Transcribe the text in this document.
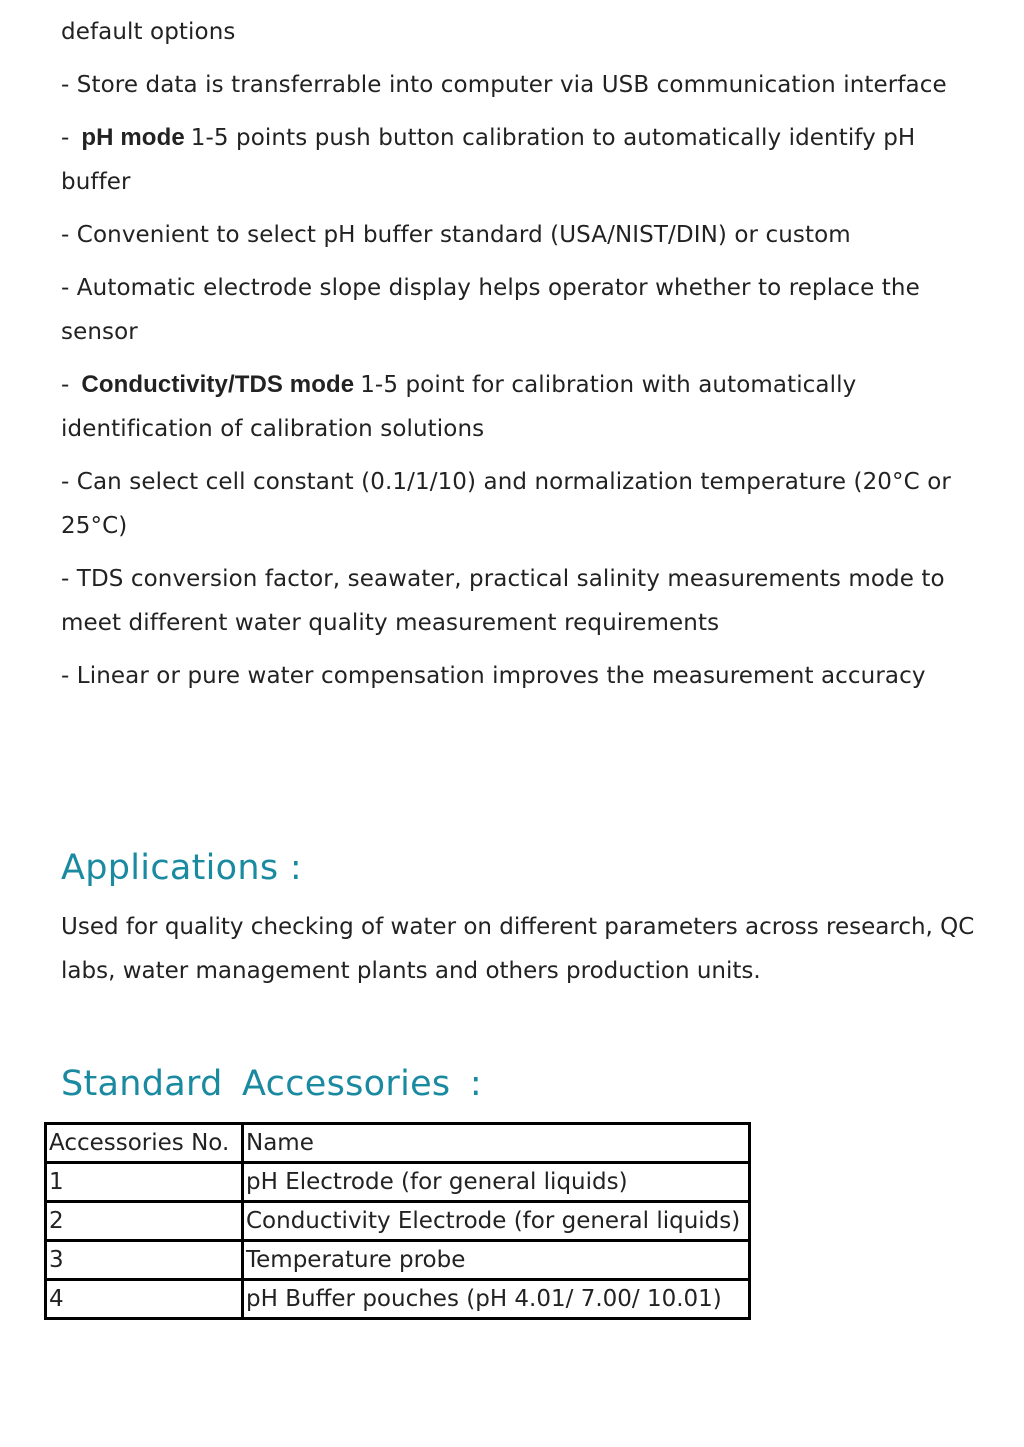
default options

- Store data is transferrable into computer via USB communication interface

- pH mode 1-5 points push button calibration to automatically identify pH buffer

- Convenient to select pH buffer standard (USA/NIST/DIN) or custom

- Automatic electrode slope display helps operator whether to replace the sensor

- Conductivity/TDS mode 1-5 point for calibration with automatically identification of calibration solutions

- Can select cell constant (0.1/1/10) and normalization temperature (20°C or 25°C)

- TDS conversion factor, seawater, practical salinity measurements mode to meet different water quality measurement requirements

- Linear or pure water compensation improves the measurement accuracy

Applications :

Used for quality checking of water on different parameters across research, QC labs, water management plants and others production units.

Standard Accessories :
Accessories No.	Name
1	pH Electrode (for general liquids)
2	Conductivity Electrode (for general liquids)
3	Temperature probe
4	pH Buffer pouches (pH 4.01/ 7.00/ 10.01)
